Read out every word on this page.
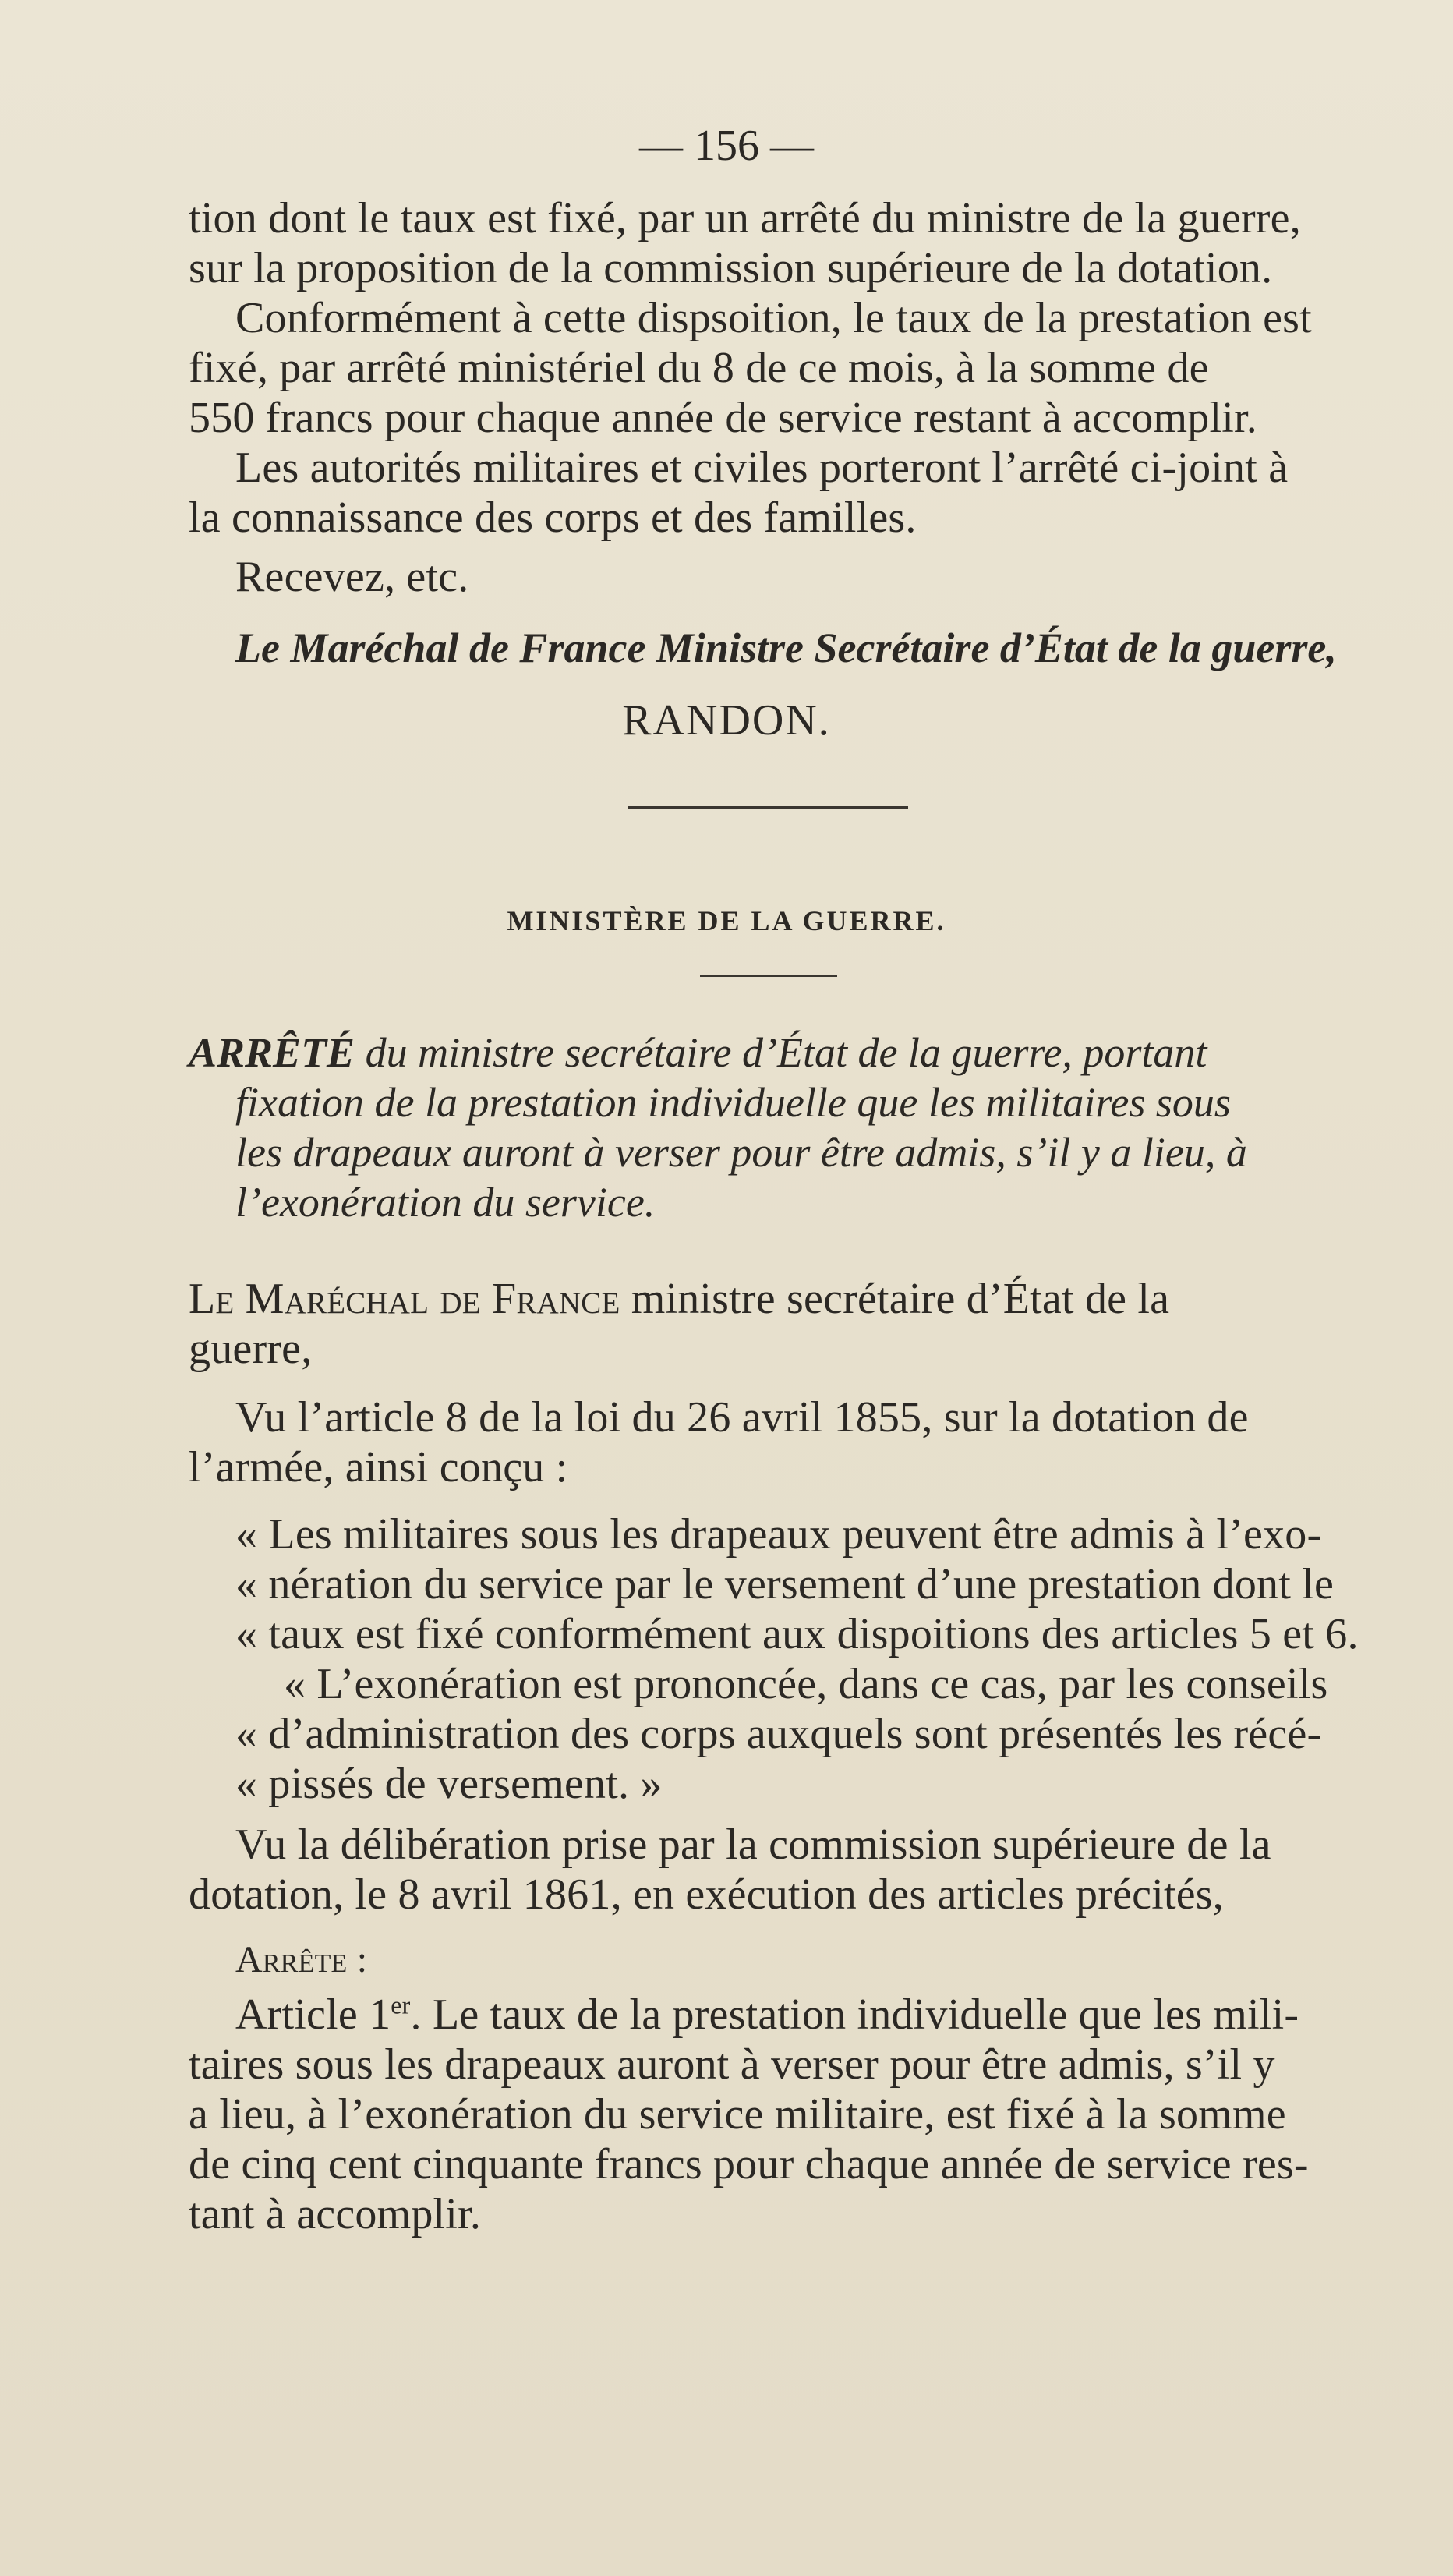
— 156 —
tion dont le taux est fixé, par un arrêté du ministre de la guerre,
sur la proposition de la commission supérieure de la dotation.
Conformément à cette dispsoition, le taux de la prestation est
fixé, par arrêté ministériel du 8 de ce mois, à la somme de
550 francs pour chaque année de service restant à accomplir.
Les autorités militaires et civiles porteront l’arrêté ci-joint à
la connaissance des corps et des familles.
Recevez, etc.
Le Maréchal de France Ministre Secrétaire d’État de la guerre,
RANDON.
MINISTÈRE DE LA GUERRE.
ARRÊTÉ du ministre secrétaire d’État de la guerre, portant
fixation de la prestation individuelle que les militaires sous
les drapeaux auront à verser pour être admis, s’il y a lieu, à
l’exonération du service.
Le Maréchal de France ministre secrétaire d’État de la
guerre,
Vu l’article 8 de la loi du 26 avril 1855, sur la dotation de
l’armée, ainsi conçu :
« Les militaires sous les drapeaux peuvent être admis à l’exo-
« nération du service par le versement d’une prestation dont le
« taux est fixé conformément aux dispoitions des articles 5 et 6.
« L’exonération est prononcée, dans ce cas, par les conseils
« d’administration des corps auxquels sont présentés les récé-
« pissés de versement. »
Vu la délibération prise par la commission supérieure de la
dotation, le 8 avril 1861, en exécution des articles précités,
Arrête :
Article 1er. Le taux de la prestation individuelle que les mili-
taires sous les drapeaux auront à verser pour être admis, s’il y
a lieu, à l’exonération du service militaire, est fixé à la somme
de cinq cent cinquante francs pour chaque année de service res-
tant à accomplir.
